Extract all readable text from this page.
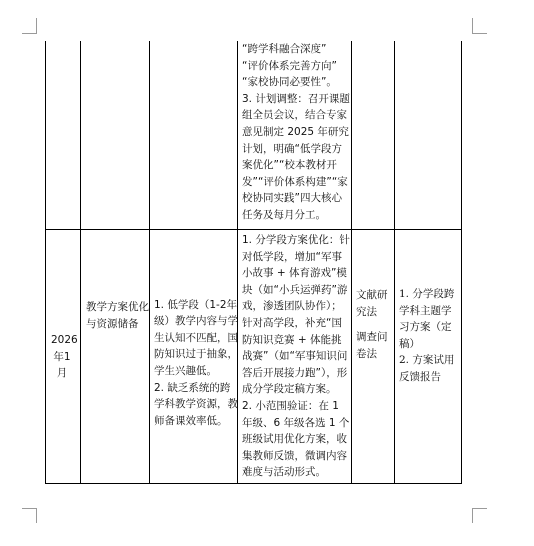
“跨学科融合深度”
“评价体系完善方向”
“家校协同必要性”。
3. 计划调整：召开课题组全员会议，结合专家意见制定 2025 年研究计划，明确“低学段方案优化”“校本教材开发”“评价体系构建”“家校协同实践”四大核心任务及每月分工。
2026年1月
教学方案优化与资源储备

1. 低学段（1-2年级）教学内容与学生认知不匹配，国防知识过于抽象，学生兴趣低。
2. 缺乏系统的跨学科教学资源，教师备课效率低。

1. 分学段方案优化：针对低学段，增加“军事小故事 + 体育游戏”模块（如“小兵运弹药”游戏，渗透团队协作）；针对高学段，补充“国防知识竞赛 + 体能挑战赛”（如“军事知识问答后开展接力跑”），形成分学段定稿方案。
2. 小范围验证：在 1 年级、6 年级各选 1 个班级试用优化方案，收集教师反馈，微调内容难度与活动形式。
文献研究法
调查问卷法
1. 分学段跨学科主题学习方案（定稿）
2. 方案试用反馈报告
